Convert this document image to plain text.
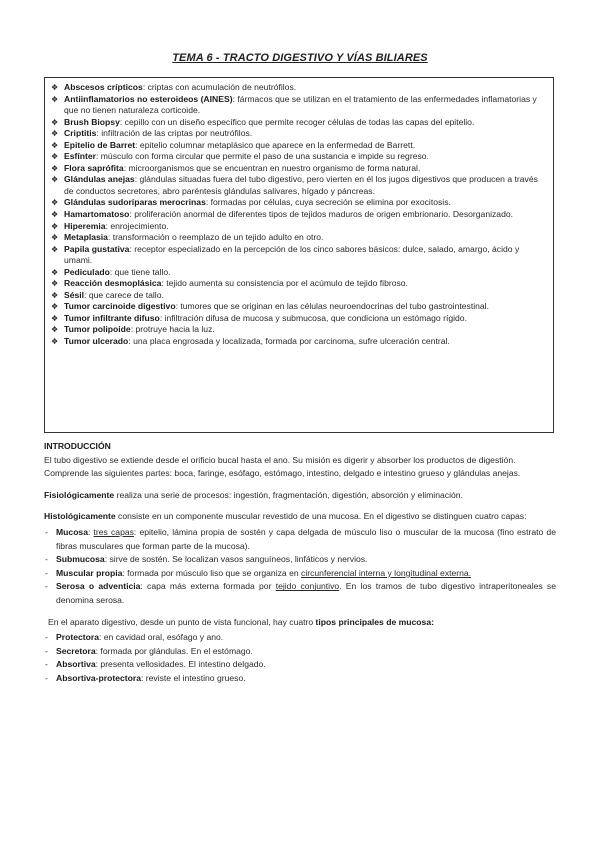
TEMA 6 - TRACTO DIGESTIVO Y VÍAS BILIARES
❖ Abscesos crípticos: criptas con acumulación de neutrófilos.
❖ Antiinflamatorios no esteroideos (AINES): fármacos que se utilizan en el tratamiento de las enfermedades inflamatorias y que no tienen naturaleza corticoide.
❖ Brush Biopsy: cepillo con un diseño específico que permite recoger células de todas las capas del epitelio.
❖ Criptitis: infiltración de las criptas por neutrófilos.
❖ Epitelio de Barret: epitelio columnar metaplásico que aparece en la enfermedad de Barrett.
❖ Esfínter: músculo con forma circular que permite el paso de una sustancia e impide su regreso.
❖ Flora saprófita: microorganismos que se encuentran en nuestro organismo de forma natural.
❖ Glándulas anejas: glándulas situadas fuera del tubo digestivo, pero vierten en él los jugos digestivos que producen a través de conductos secretores, abro paréntesis glándulas salivares, hígado y páncreas.
❖ Glándulas sudoríparas merocrinas: formadas por células, cuya secreción se elimina por exocitosis.
❖ Hamartomatoso: proliferación anormal de diferentes tipos de tejidos maduros de origen embrionario. Desorganizado.
❖ Hiperemia: enrojecimiento.
❖ Metaplasia: transformación o reemplazo de un tejido adulto en otro.
❖ Papila gustativa: receptor especializado en la percepción de los cinco sabores básicos: dulce, salado, amargo, ácido y umami.
❖ Pediculado: que tiene tallo.
❖ Reacción desmoplásica: tejido aumenta su consistencia por el acúmulo de tejido fibroso.
❖ Sésil: que carece de tallo.
❖ Tumor carcinoide digestivo: tumores que se originan en las células neuroendocrinas del tubo gastrointestinal.
❖ Tumor infiltrante difuso: infiltración difusa de mucosa y submucosa, que condiciona un estómago rígido.
❖ Tumor polipoide: protruye hacia la luz.
❖ Tumor ulcerado: una placa engrosada y localizada, formada por carcinoma, sufre ulceración central.

INTRODUCCIÓN

El tubo digestivo se extiende desde el orificio bucal hasta el ano. Su misión es digerir y absorber los productos de digestión. Comprende las siguientes partes: boca, faringe, esófago, estómago, intestino, delgado e intestino grueso y glándulas anejas.

Fisiológicamente realiza una serie de procesos: ingestión, fragmentación, digestión, absorción y eliminación.

Histológicamente consiste en un componente muscular revestido de una mucosa. En el digestivo se distinguen cuatro capas:

- Mucosa: tres capas: epitelio, lámina propia de sostén y capa delgada de músculo liso o muscular de la mucosa (fino estrato de fibras musculares que forman parte de la mucosa).
- Submucosa: sirve de sostén. Se localizan vasos sanguíneos, linfáticos y nervios.
- Muscular propia: formada por músculo liso que se organiza en circunferencial interna y longitudinal externa.
- Serosa o adventicia: capa más externa formada por tejido conjuntivo. En los tramos de tubo digestivo intraperitoneales se denomina serosa.

En el aparato digestivo, desde un punto de vista funcional, hay cuatro tipos principales de mucosa:

- Protectora: en cavidad oral, esófago y ano.
- Secretora: formada por glándulas. En el estómago.
- Absortiva: presenta vellosidades. El intestino delgado.
- Absortiva-protectora: reviste el intestino grueso.
